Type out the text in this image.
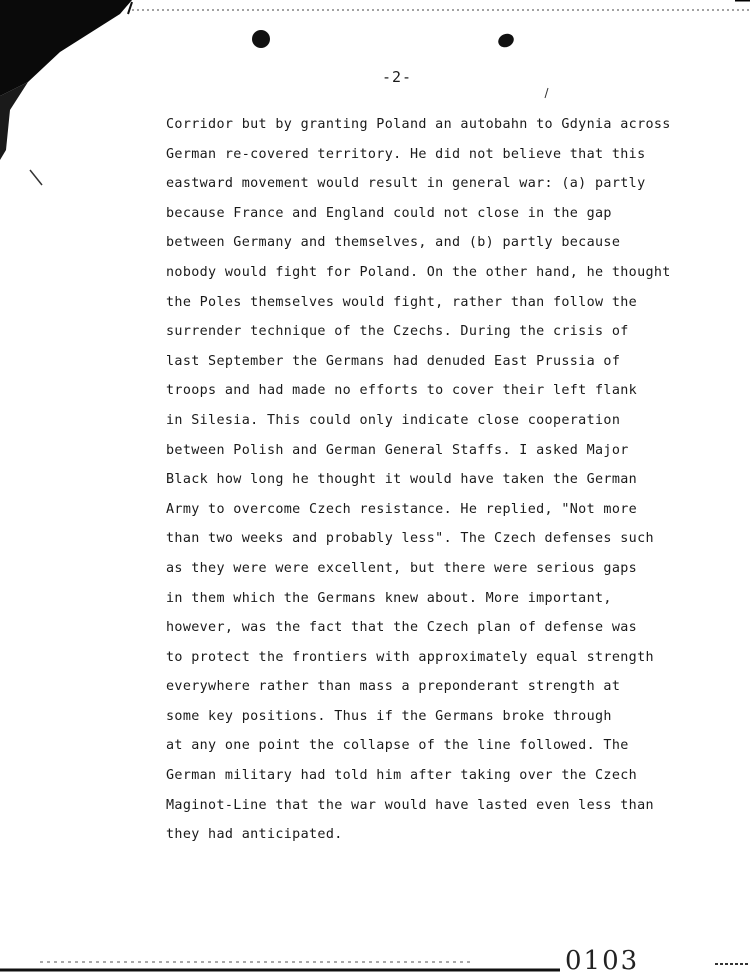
-2-
Corridor but by granting Poland an autobahn to Gdynia across
German re-covered territory. He did not believe that this
eastward movement would result in general war: (a) partly
because France and England could not close in the gap
between Germany and themselves, and (b) partly because
nobody would fight for Poland. On the other hand, he thought
the Poles themselves would fight, rather than follow the
surrender technique of the Czechs. During the crisis of
last September the Germans had denuded East Prussia of
troops and had made no efforts to cover their left flank
in Silesia. This could only indicate close cooperation
between Polish and German General Staffs. I asked Major
Black how long he thought it would have taken the German
Army to overcome Czech resistance. He replied, "Not more
than two weeks and probably less". The Czech defenses such
as they were were excellent, but there were serious gaps
in them which the Germans knew about. More important,
however, was the fact that the Czech plan of defense was
to protect the frontiers with approximately equal strength
everywhere rather than mass a preponderant strength at
some key positions. Thus if the Germans broke through
at any one point the collapse of the line followed. The
German military had told him after taking over the Czech
Maginot-Line that the war would have lasted even less than
they had anticipated.
0103
